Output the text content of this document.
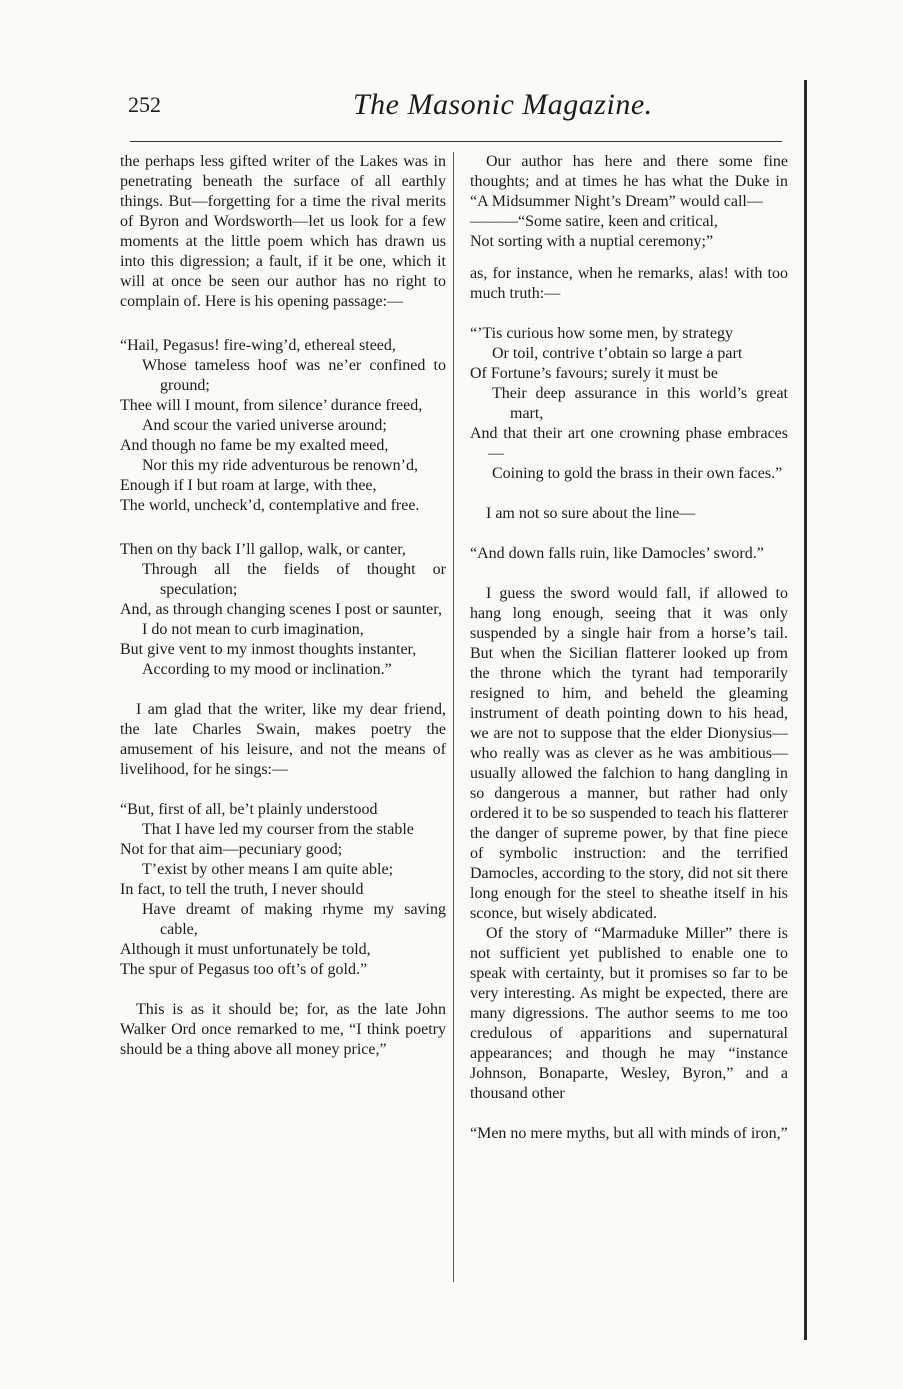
252	The Masonic Magazine.

the perhaps less gifted writer of the Lakes was in penetrating beneath the surface of all earthly things. But—forgetting for a time the rival merits of Byron and Wordsworth—let us look for a few moments at the little poem which has drawn us into this digression; a fault, if it be one, which it will at once be seen our author has no right to complain of. Here is his opening passage:—

“Hail, Pegasus! fire-wing’d, ethereal steed,

Whose tameless hoof was ne’er confined to ground;

Thee will I mount, from silence’ durance freed,

And scour the varied universe around;

And though no fame be my exalted meed,

Nor this my ride adventurous be renown’d,

Enough if I but roam at large, with thee,

The world, uncheck’d, contemplative and free.

Then on thy back I’ll gallop, walk, or canter,

Through all the fields of thought or speculation;

And, as through changing scenes I post or saunter,

I do not mean to curb imagination,

But give vent to my inmost thoughts instanter,

According to my mood or inclination.”

I am glad that the writer, like my dear friend, the late Charles Swain, makes poetry the amusement of his leisure, and not the means of livelihood, for he sings:—

“But, first of all, be’t plainly understood

That I have led my courser from the stable

Not for that aim—pecuniary good;

T’exist by other means I am quite able;

In fact, to tell the truth, I never should

Have dreamt of making rhyme my saving cable,

Although it must unfortunately be told,

The spur of Pegasus too oft’s of gold.”

This is as it should be; for, as the late John Walker Ord once remarked to me, “I think poetry should be a thing above all money price,”

Our author has here and there some fine thoughts; and at times he has what the Duke in “A Midsummer Night’s Dream” would call—

———“Some satire, keen and critical,

Not sorting with a nuptial ceremony;”

as, for instance, when he remarks, alas! with too much truth:—

“’Tis curious how some men, by strategy

Or toil, contrive t’obtain so large a part

Of Fortune’s favours; surely it must be

Their deep assurance in this world’s great mart,

And that their art one crowning phase embraces—

Coining to gold the brass in their own faces.”

I am not so sure about the line—

“And down falls ruin, like Damocles’ sword.”

I guess the sword would fall, if allowed to hang long enough, seeing that it was only suspended by a single hair from a horse’s tail. But when the Sicilian flatterer looked up from the throne which the tyrant had temporarily resigned to him, and beheld the gleaming instrument of death pointing down to his head, we are not to suppose that the elder Dionysius—who really was as clever as he was ambitious—usually allowed the falchion to hang dangling in so dangerous a manner, but rather had only ordered it to be so suspended to teach his flatterer the danger of supreme power, by that fine piece of symbolic instruction: and the terrified Damocles, according to the story, did not sit there long enough for the steel to sheathe itself in his sconce, but wisely abdicated.

Of the story of “Marmaduke Miller” there is not sufficient yet published to enable one to speak with certainty, but it promises so far to be very interesting. As might be expected, there are many digressions. The author seems to me too credulous of apparitions and supernatural appearances; and though he may “instance Johnson, Bonaparte, Wesley, Byron,” and a thousand other

“Men no mere myths, but all with minds of iron,”
